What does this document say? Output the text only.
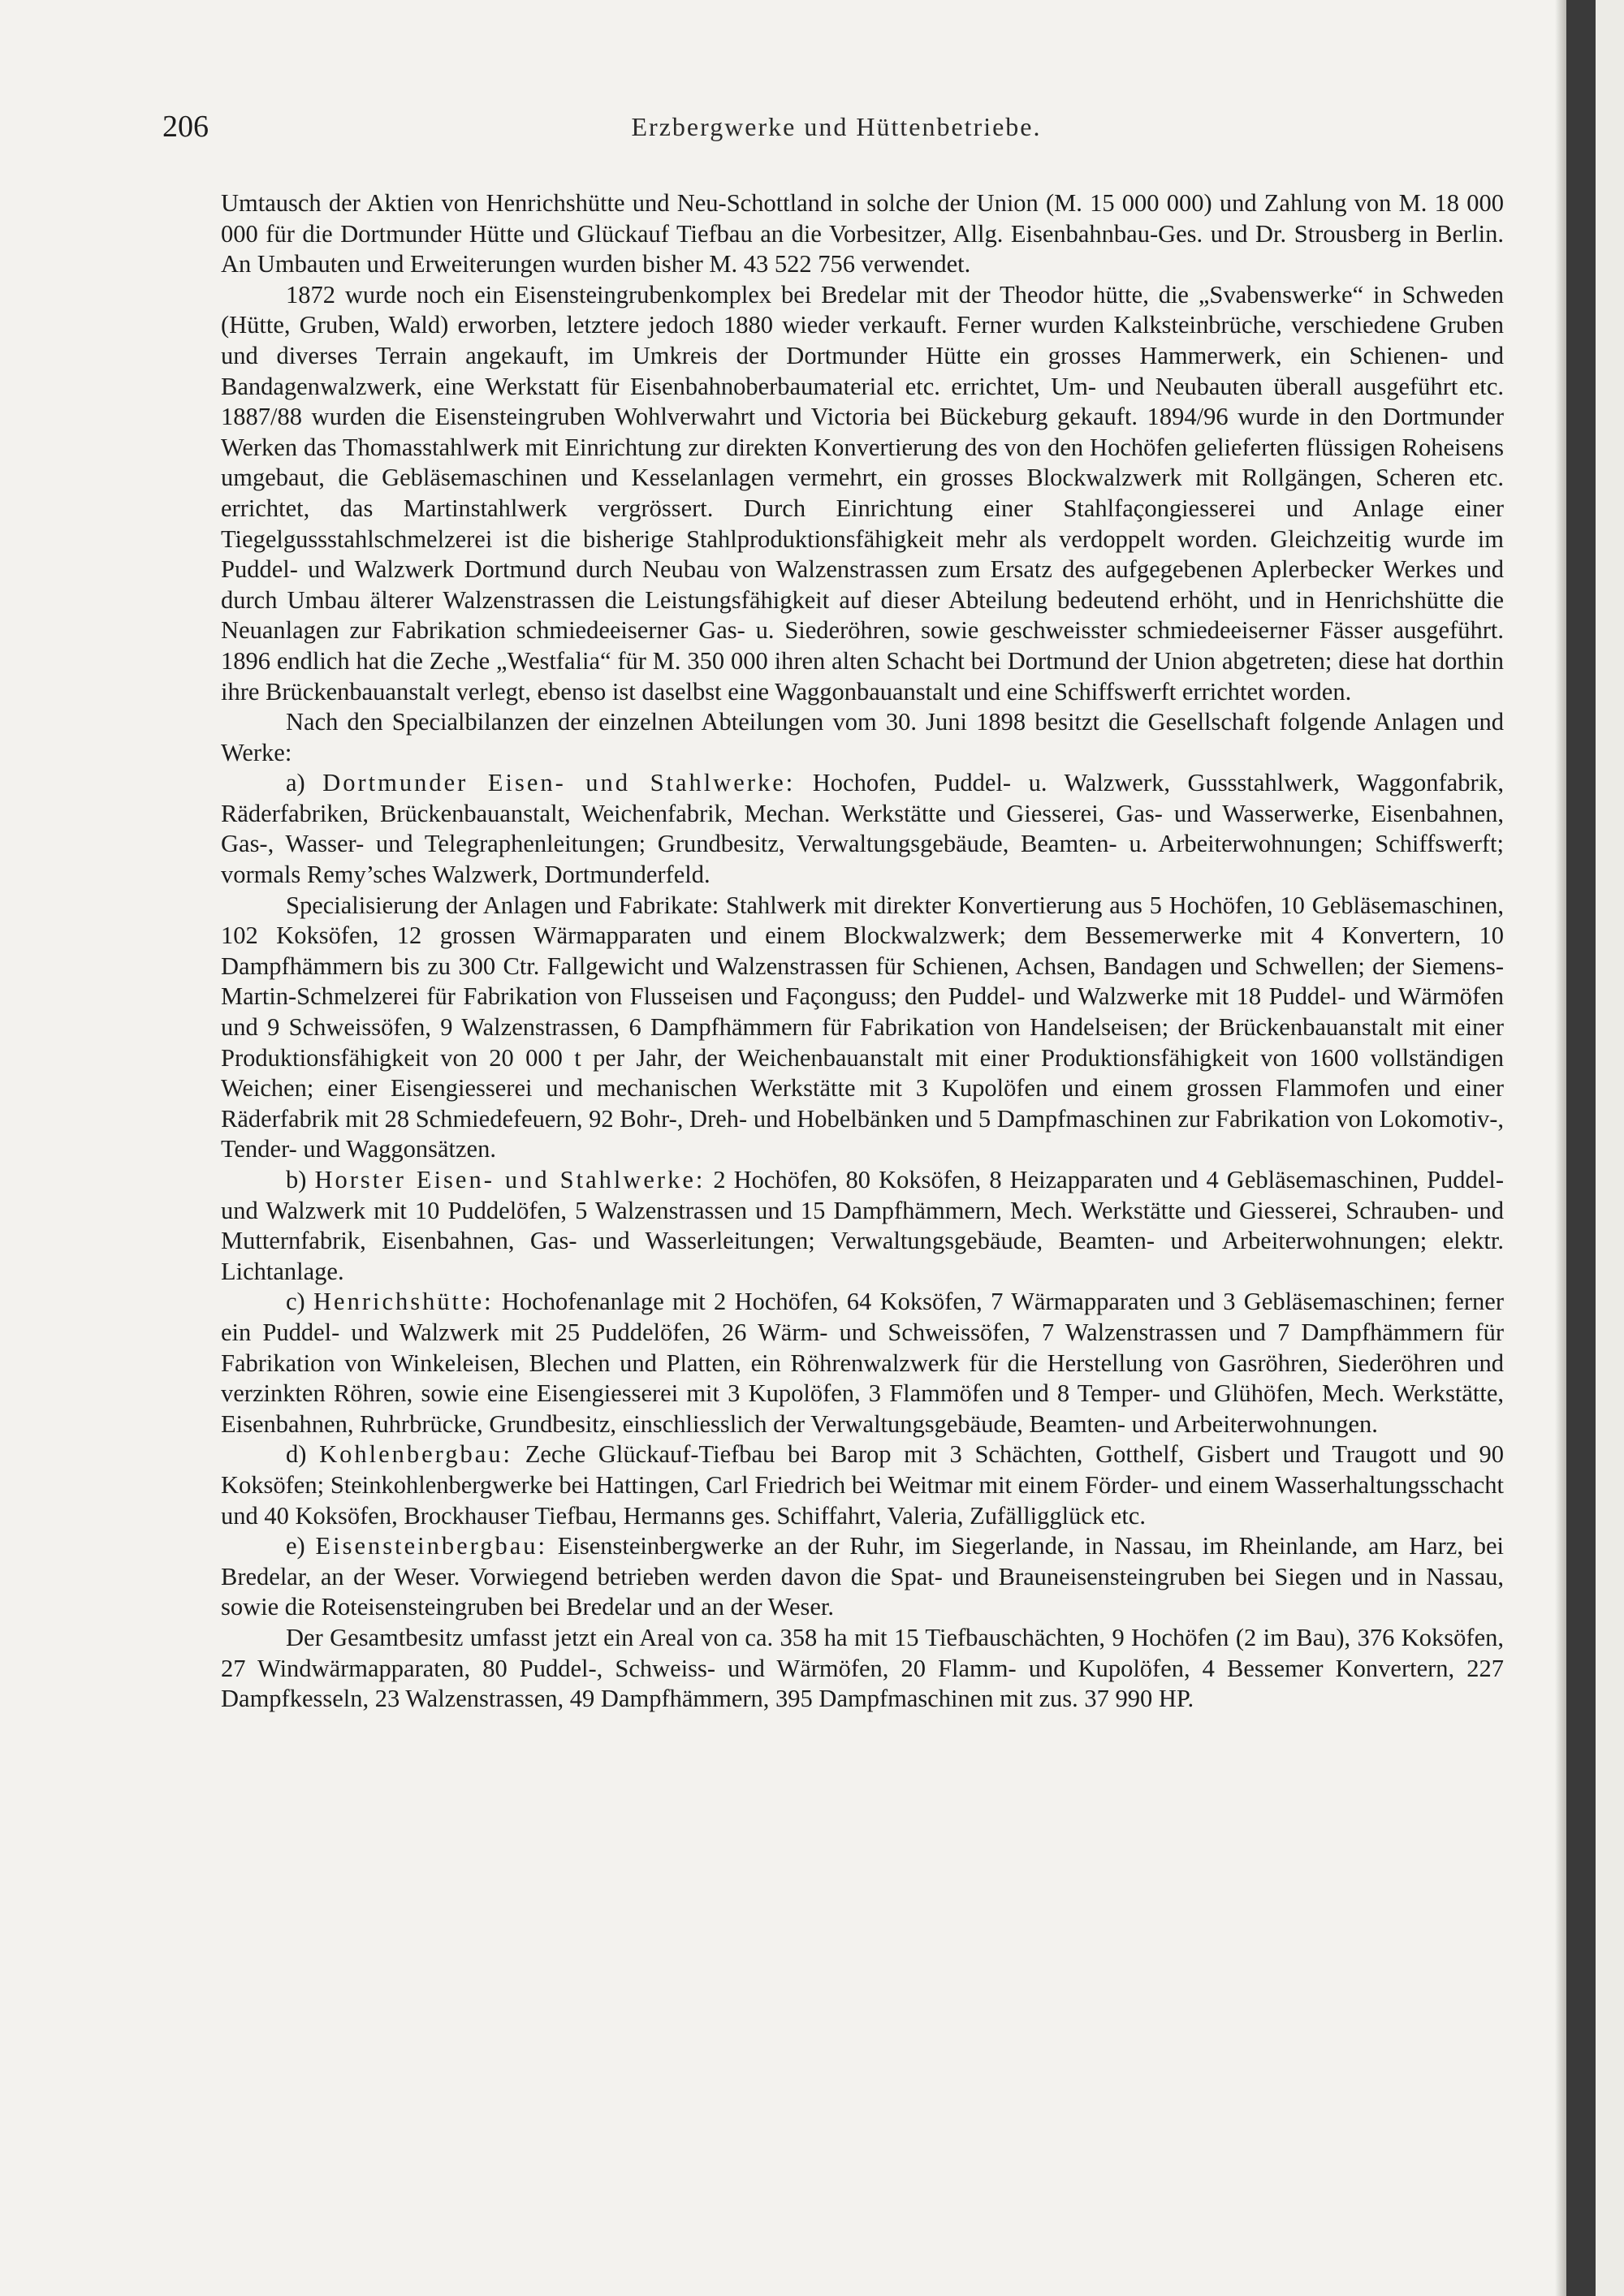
206	Erzbergwerke und Hüttenbetriebe.

Umtausch der Aktien von Henrichshütte und Neu-Schottland in solche der Union (M. 15 000 000) und Zahlung von M. 18 000 000 für die Dortmunder Hütte und Glückauf Tiefbau an die Vorbesitzer, Allg. Eisenbahnbau-Ges. und Dr. Strousberg in Berlin. An Umbauten und Erweiterungen wurden bisher M. 43 522 756 verwendet.

1872 wurde noch ein Eisensteingrubenkomplex bei Bredelar mit der Theodor hütte, die „Svabenswerke“ in Schweden (Hütte, Gruben, Wald) erworben, letztere jedoch 1880 wieder verkauft. Ferner wurden Kalksteinbrüche, verschiedene Gruben und diverses Terrain angekauft, im Umkreis der Dortmunder Hütte ein grosses Hammerwerk, ein Schienen- und Bandagenwalzwerk, eine Werkstatt für Eisenbahnoberbaumaterial etc. errichtet, Um- und Neubauten überall ausgeführt etc. 1887/88 wurden die Eisensteingruben Wohlverwahrt und Victoria bei Bückeburg gekauft. 1894/96 wurde in den Dortmunder Werken das Thomasstahlwerk mit Einrichtung zur direkten Konvertierung des von den Hochöfen gelieferten flüssigen Roheisens umgebaut, die Gebläsemaschinen und Kesselanlagen vermehrt, ein grosses Blockwalzwerk mit Rollgängen, Scheren etc. errichtet, das Martinstahlwerk vergrössert. Durch Einrichtung einer Stahlfaçongiesserei und Anlage einer Tiegelgussstahlschmelzerei ist die bisherige Stahlproduktionsfähigkeit mehr als verdoppelt worden. Gleichzeitig wurde im Puddel- und Walzwerk Dortmund durch Neubau von Walzenstrassen zum Ersatz des aufgegebenen Aplerbecker Werkes und durch Umbau älterer Walzenstrassen die Leistungsfähigkeit auf dieser Abteilung bedeutend erhöht, und in Henrichshütte die Neuanlagen zur Fabrikation schmiedeeiserner Gas- u. Siederöhren, sowie geschweisster schmiedeeiserner Fässer ausgeführt. 1896 endlich hat die Zeche „Westfalia“ für M. 350 000 ihren alten Schacht bei Dortmund der Union abgetreten; diese hat dorthin ihre Brückenbauanstalt verlegt, ebenso ist daselbst eine Waggonbauanstalt und eine Schiffswerft errichtet worden.

Nach den Specialbilanzen der einzelnen Abteilungen vom 30. Juni 1898 besitzt die Gesellschaft folgende Anlagen und Werke:

a) Dortmunder Eisen- und Stahlwerke: Hochofen, Puddel- u. Walzwerk, Gussstahlwerk, Waggonfabrik, Räderfabriken, Brückenbauanstalt, Weichenfabrik, Mechan. Werkstätte und Giesserei, Gas- und Wasserwerke, Eisenbahnen, Gas-, Wasser- und Telegraphenleitungen; Grundbesitz, Verwaltungsgebäude, Beamten- u. Arbeiterwohnungen; Schiffswerft; vormals Remy’sches Walzwerk, Dortmunderfeld.

Specialisierung der Anlagen und Fabrikate: Stahlwerk mit direkter Konvertierung aus 5 Hochöfen, 10 Gebläsemaschinen, 102 Koksöfen, 12 grossen Wärmapparaten und einem Blockwalzwerk; dem Bessemerwerke mit 4 Konvertern, 10 Dampfhämmern bis zu 300 Ctr. Fallgewicht und Walzenstrassen für Schienen, Achsen, Bandagen und Schwellen; der Siemens-Martin-Schmelzerei für Fabrikation von Flusseisen und Façonguss; den Puddel- und Walzwerke mit 18 Puddel- und Wärmöfen und 9 Schweissöfen, 9 Walzenstrassen, 6 Dampfhämmern für Fabrikation von Handelseisen; der Brückenbauanstalt mit einer Produktionsfähigkeit von 20 000 t per Jahr, der Weichenbauanstalt mit einer Produktionsfähigkeit von 1600 vollständigen Weichen; einer Eisengiesserei und mechanischen Werkstätte mit 3 Kupolöfen und einem grossen Flammofen und einer Räderfabrik mit 28 Schmiedefeuern, 92 Bohr-, Dreh- und Hobelbänken und 5 Dampfmaschinen zur Fabrikation von Lokomotiv-, Tender- und Waggonsätzen.

b) Horster Eisen- und Stahlwerke: 2 Hochöfen, 80 Koksöfen, 8 Heizapparaten und 4 Gebläsemaschinen, Puddel- und Walzwerk mit 10 Puddelöfen, 5 Walzenstrassen und 15 Dampfhämmern, Mech. Werkstätte und Giesserei, Schrauben- und Mutternfabrik, Eisenbahnen, Gas- und Wasserleitungen; Verwaltungsgebäude, Beamten- und Arbeiterwohnungen; elektr. Lichtanlage.

c) Henrichshütte: Hochofenanlage mit 2 Hochöfen, 64 Koksöfen, 7 Wärmapparaten und 3 Gebläsemaschinen; ferner ein Puddel- und Walzwerk mit 25 Puddelöfen, 26 Wärm- und Schweissöfen, 7 Walzenstrassen und 7 Dampfhämmern für Fabrikation von Winkeleisen, Blechen und Platten, ein Röhrenwalzwerk für die Herstellung von Gasröhren, Siederöhren und verzinkten Röhren, sowie eine Eisengiesserei mit 3 Kupolöfen, 3 Flammöfen und 8 Temper- und Glühöfen, Mech. Werkstätte, Eisenbahnen, Ruhrbrücke, Grundbesitz, einschliesslich der Verwaltungsgebäude, Beamten- und Arbeiterwohnungen.

d) Kohlenbergbau: Zeche Glückauf-Tiefbau bei Barop mit 3 Schächten, Gotthelf, Gisbert und Traugott und 90 Koksöfen; Steinkohlenbergwerke bei Hattingen, Carl Friedrich bei Weitmar mit einem Förder- und einem Wasserhaltungsschacht und 40 Koksöfen, Brockhauser Tiefbau, Hermanns ges. Schiffahrt, Valeria, Zufälligglück etc.

e) Eisensteinbergbau: Eisensteinbergwerke an der Ruhr, im Siegerlande, in Nassau, im Rheinlande, am Harz, bei Bredelar, an der Weser. Vorwiegend betrieben werden davon die Spat- und Brauneisensteingruben bei Siegen und in Nassau, sowie die Roteisensteingruben bei Bredelar und an der Weser.

Der Gesamtbesitz umfasst jetzt ein Areal von ca. 358 ha mit 15 Tiefbauschächten, 9 Hochöfen (2 im Bau), 376 Koksöfen, 27 Windwärmapparaten, 80 Puddel-, Schweiss- und Wärmöfen, 20 Flamm- und Kupolöfen, 4 Bessemer Konvertern, 227 Dampfkesseln, 23 Walzenstrassen, 49 Dampfhämmern, 395 Dampfmaschinen mit zus. 37 990 HP.
